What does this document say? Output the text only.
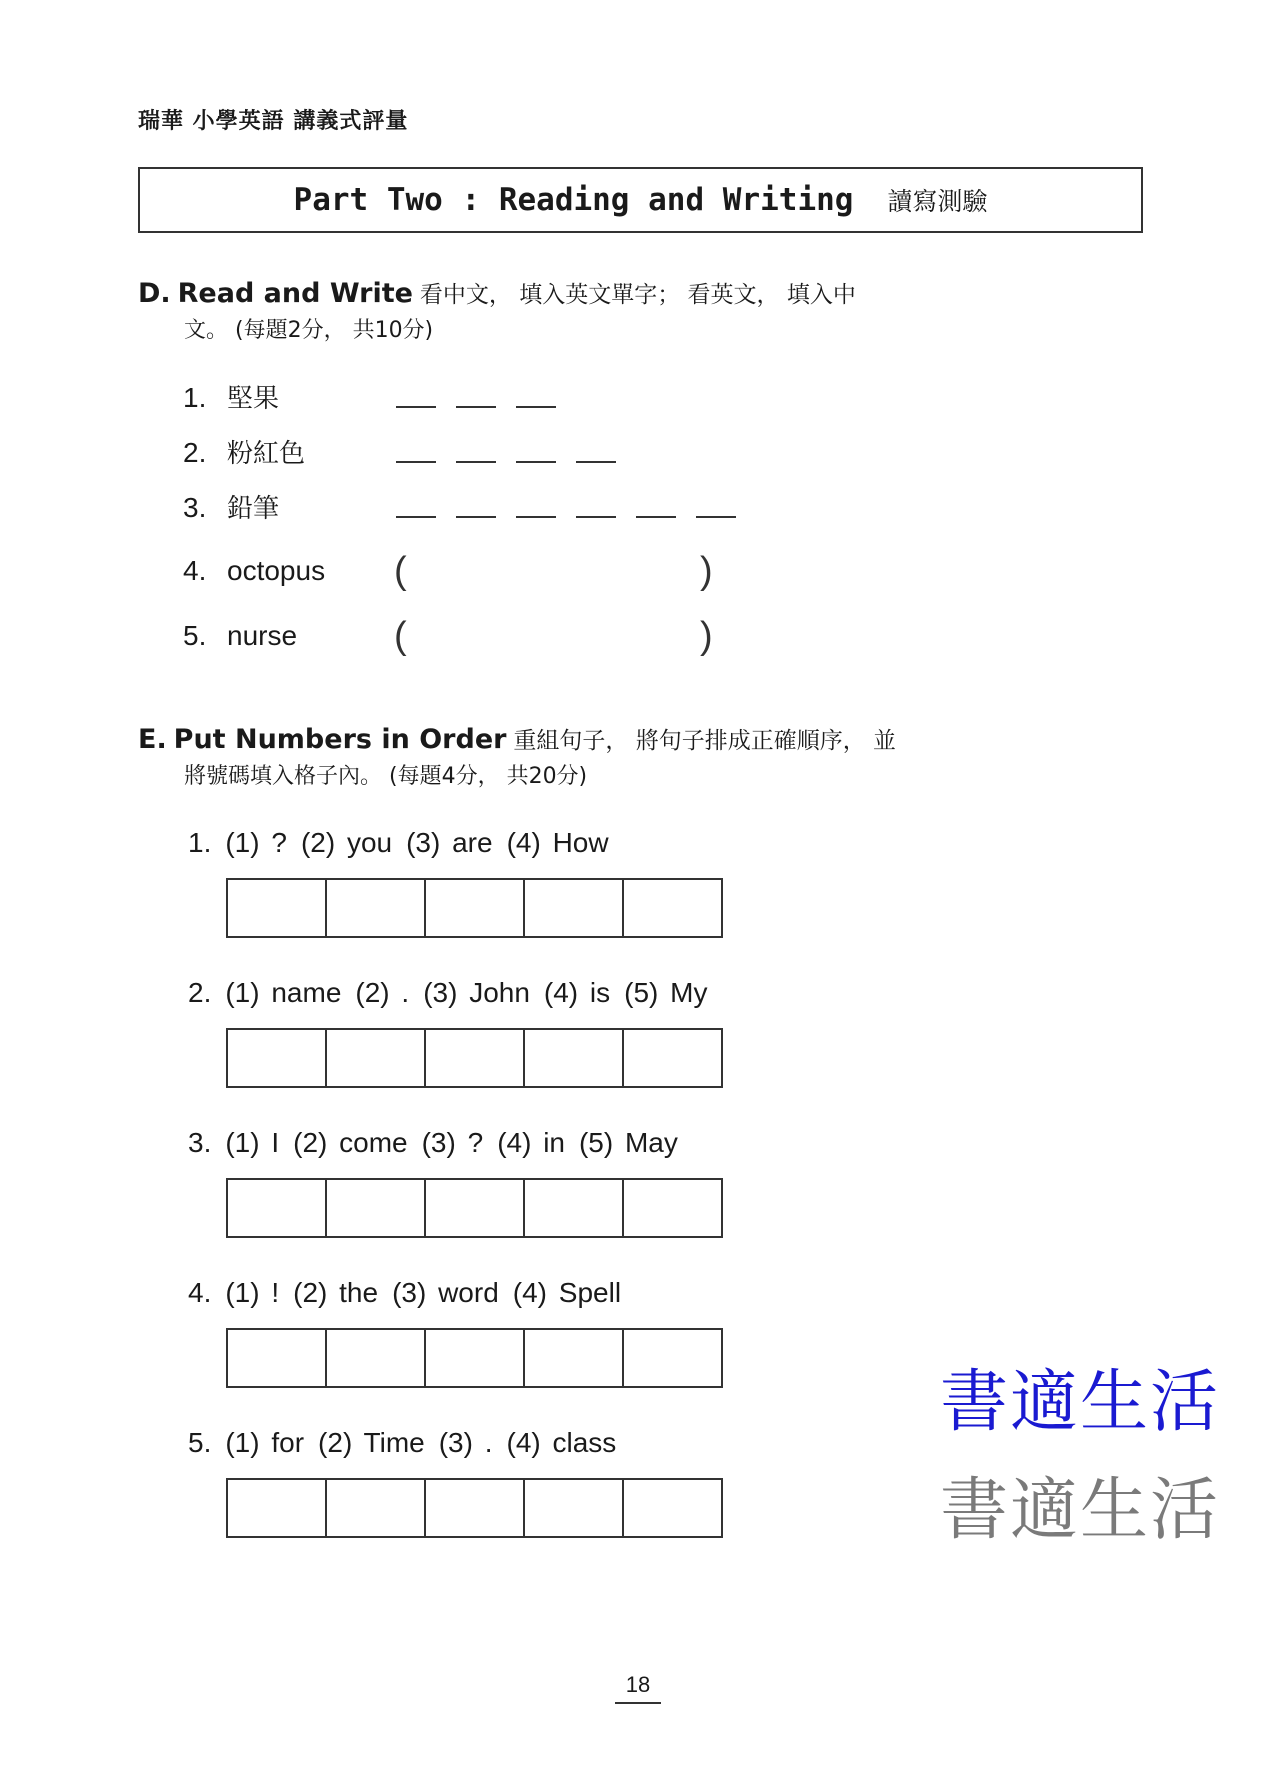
瑞華 小學英語 講義式評量
Part Two : Reading and Writing 讀寫測驗
D. Read and Write 看中文， 填入英文單字； 看英文， 填入中
文。 (每題2分， 共10分)
1. 堅果
2. 粉紅色
3. 鉛筆
4. octopus (	)
5. nurse	(	)
E. Put Numbers in Order 重組句子， 將句子排成正確順序， 並
將號碼填入格子內。 (每題4分， 共20分)
1. (1) ? (2) you (3) are (4) How
2. (1) name (2) . (3) John (4) is (5) My
3. (1) I (2) come (3) ? (4) in (5) May
4. (1) ! (2) the (3) word (4) Spell
5. (1) for (2) Time (3) . (4) class
書適生活
書適生活
18
